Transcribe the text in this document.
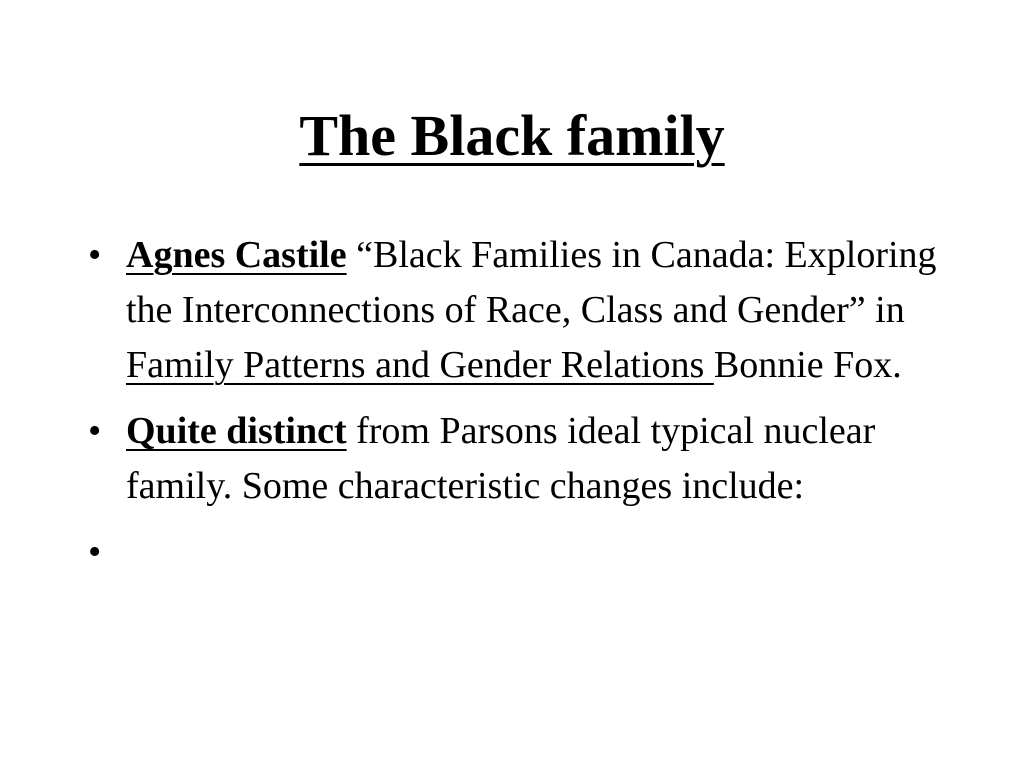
The Black family
• Agnes Castile “Black Families in Canada: Exploring the Interconnections of Race, Class and Gender” in Family Patterns and Gender Relations Bonnie Fox.
• Quite distinct from Parsons ideal typical nuclear family. Some characteristic changes include:
•
